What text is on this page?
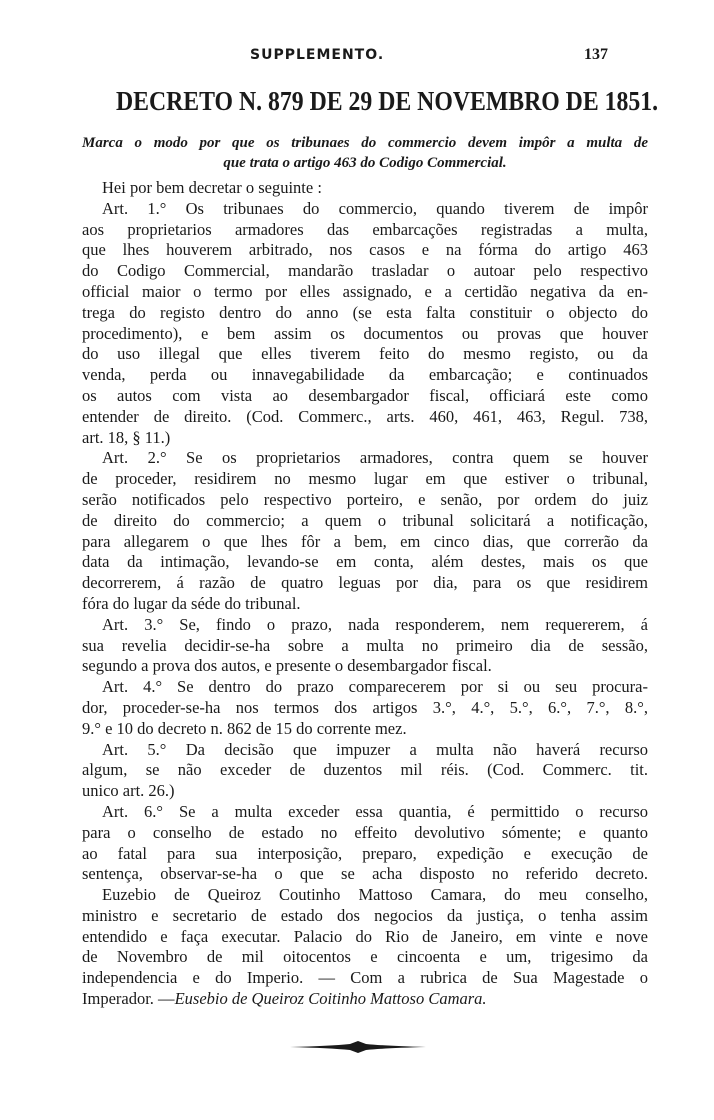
SUPPLEMENTO.	137
DECRETO N. 879 DE 29 DE NOVEMBRO DE 1851.
Marca o modo por que os tribunaes do commercio devem impôr a multa de
que trata o artigo 463 do Codigo Commercial.
Hei por bem decretar o seguinte :
Art. 1.° Os tribunaes do commercio, quando tiverem de impôr
aos proprietarios armadores das embarcações registradas a multa,
que lhes houverem arbitrado, nos casos e na fórma do artigo 463
do Codigo Commercial, mandarão trasladar o autoar pelo respectivo
official maior o termo por elles assignado, e a certidão negativa da en-
trega do registo dentro do anno (se esta falta constituir o objecto do
procedimento), e bem assim os documentos ou provas que houver
do uso illegal que elles tiverem feito do mesmo registo, ou da
venda, perda ou innavegabilidade da embarcação; e continuados
os autos com vista ao desembargador fiscal, officiará este como
entender de direito. (Cod. Commerc., arts. 460, 461, 463, Regul. 738,
art. 18, § 11.)
Art. 2.° Se os proprietarios armadores, contra quem se houver
de proceder, residirem no mesmo lugar em que estiver o tribunal,
serão notificados pelo respectivo porteiro, e senão, por ordem do juiz
de direito do commercio; a quem o tribunal solicitará a notificação,
para allegarem o que lhes fôr a bem, em cinco dias, que correrão da
data da intimação, levando-se em conta, além destes, mais os que
decorrerem, á razão de quatro leguas por dia, para os que residirem
fóra do lugar da séde do tribunal.
Art. 3.° Se, findo o prazo, nada responderem, nem requererem, á
sua revelia decidir-se-ha sobre a multa no primeiro dia de sessão,
segundo a prova dos autos, e presente o desembargador fiscal.
Art. 4.° Se dentro do prazo comparecerem por si ou seu procura-
dor, proceder-se-ha nos termos dos artigos 3.°, 4.°, 5.°, 6.°, 7.°, 8.°,
9.° e 10 do decreto n. 862 de 15 do corrente mez.
Art. 5.° Da decisão que impuzer a multa não haverá recurso
algum, se não exceder de duzentos mil réis. (Cod. Commerc. tit.
unico art. 26.)
Art. 6.° Se a multa exceder essa quantia, é permittido o recurso
para o conselho de estado no effeito devolutivo sómente; e quanto
ao fatal para sua interposição, preparo, expedição e execução de
sentença, observar-se-ha o que se acha disposto no referido decreto.
Euzebio de Queiroz Coutinho Mattoso Camara, do meu conselho,
ministro e secretario de estado dos negocios da justiça, o tenha assim
entendido e faça executar. Palacio do Rio de Janeiro, em vinte e nove
de Novembro de mil oitocentos e cincoenta e um, trigesimo da
independencia e do Imperio. — Com a rubrica de Sua Magestade o
Imperador. —Eusebio de Queiroz Coitinho Mattoso Camara.
